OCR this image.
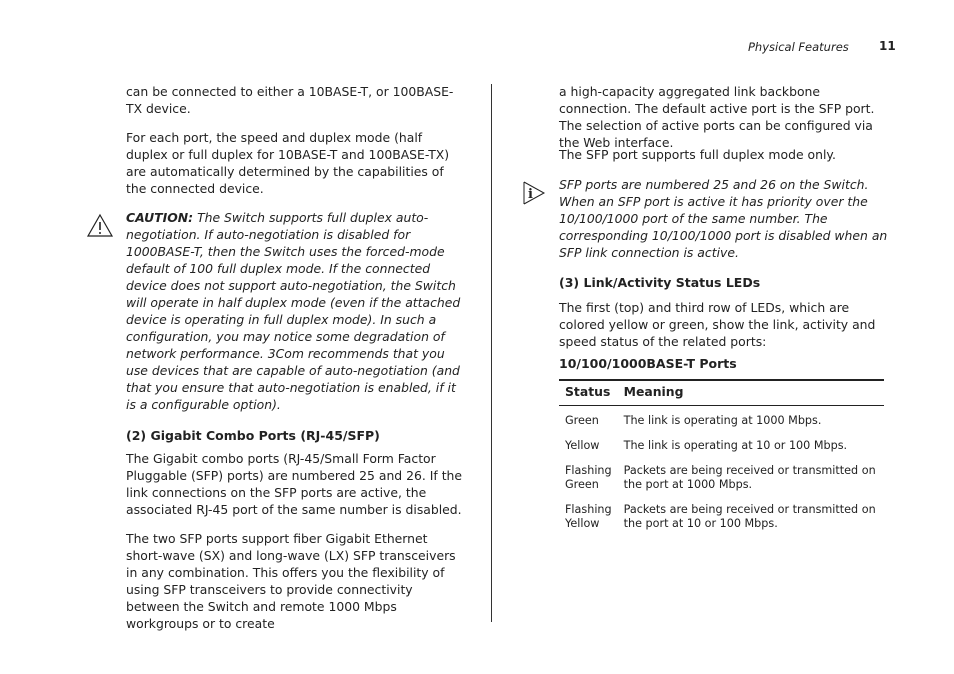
Physical Features	11

can be connected to either a 10BASE-T, or 100BASE-TX device.

For each port, the speed and duplex mode (half duplex or full duplex for 10BASE-T and 100BASE-TX) are automatically determined by the capabilities of the connected device.

CAUTION: The Switch supports full duplex auto-negotiation. If auto-negotiation is disabled for 1000BASE-T, then the Switch uses the forced-mode default of 100 full duplex mode. If the connected device does not support auto-negotiation, the Switch will operate in half duplex mode (even if the attached device is operating in full duplex mode). In such a configuration, you may notice some degradation of network performance. 3Com recommends that you use devices that are capable of auto-negotiation (and that you ensure that auto-negotiation is enabled, if it is a configurable option).

(2) Gigabit Combo Ports (RJ-45/SFP)

The Gigabit combo ports (RJ-45/Small Form Factor Pluggable (SFP) ports) are numbered 25 and 26. If the link connections on the SFP ports are active, the associated RJ-45 port of the same number is disabled.

The two SFP ports support fiber Gigabit Ethernet short-wave (SX) and long-wave (LX) SFP transceivers in any combination. This offers you the flexibility of using SFP transceivers to provide connectivity between the Switch and remote 1000 Mbps workgroups or to create

a high-capacity aggregated link backbone connection. The default active port is the SFP port. The selection of active ports can be configured via the Web interface.

The SFP port supports full duplex mode only.

i

SFP ports are numbered 25 and 26 on the Switch. When an SFP port is active it has priority over the 10/100/1000 port of the same number. The corresponding 10/100/1000 port is disabled when an SFP link connection is active.

(3) Link/Activity Status LEDs

The first (top) and third row of LEDs, which are colored yellow or green, show the link, activity and speed status of the related ports:

10/100/1000BASE-T Ports

Status	Meaning
Green	The link is operating at 1000 Mbps.
Yellow	The link is operating at 10 or 100 Mbps.
Flashing Green	Packets are being received or transmitted on the port at 1000 Mbps.
Flashing Yellow	Packets are being received or transmitted on the port at 10 or 100 Mbps.
